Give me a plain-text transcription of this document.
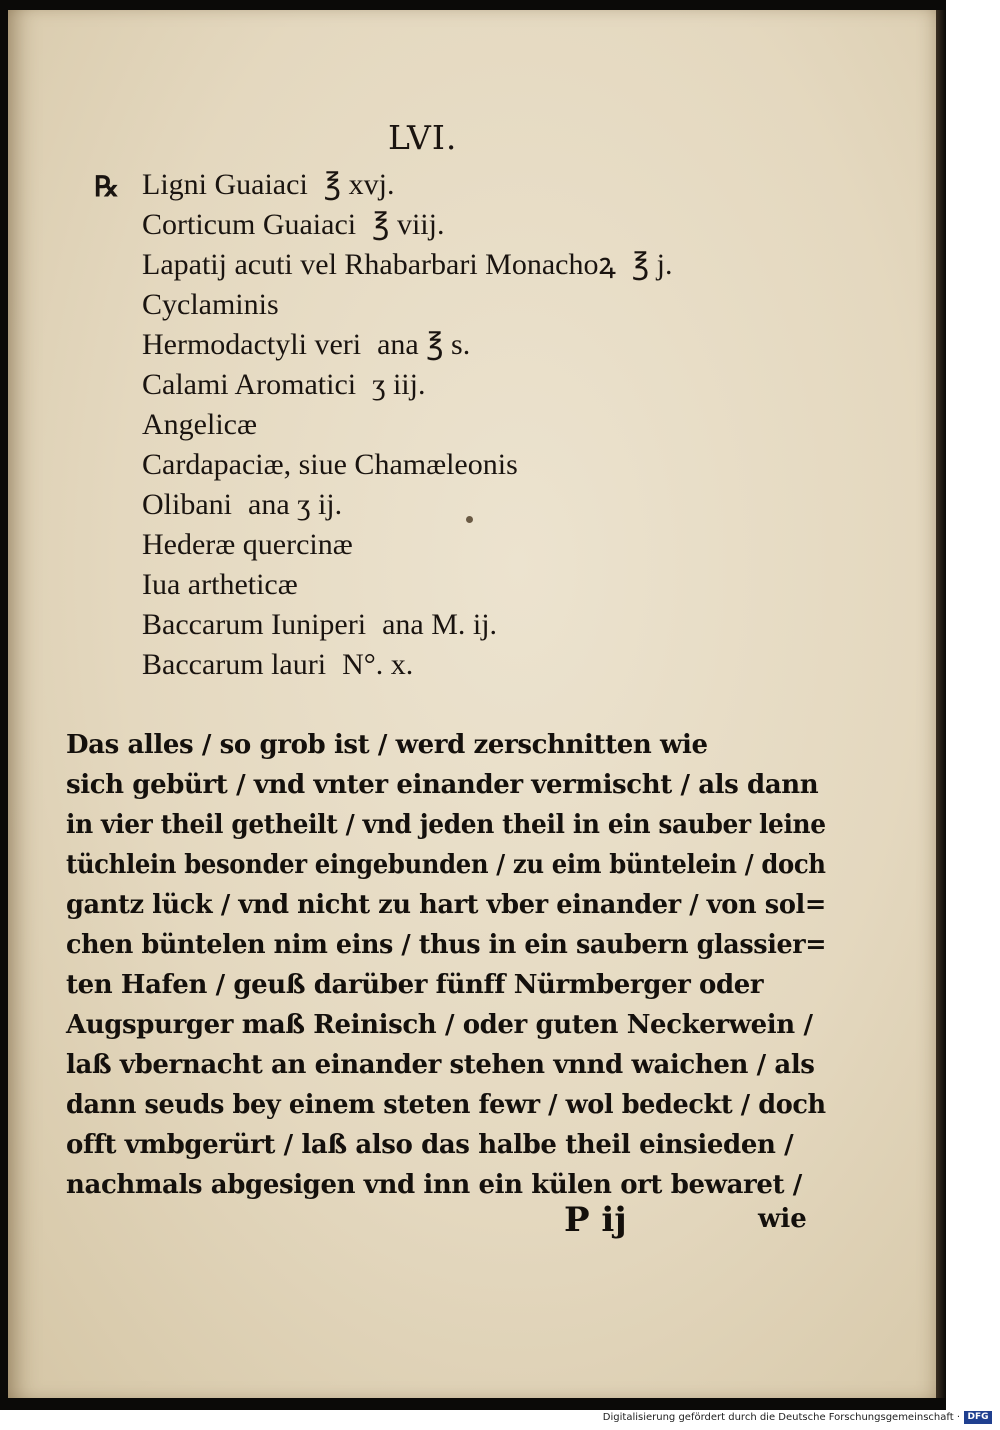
LVI.
℞ Ligni Guaiaci ℥ xvj.
Corticum Guaiaci ℥ viij.
Lapatij acuti vel Rhabarbari Monachoꝝ ℥ j.
Cyclaminis
Hermodactyli veri ana ℥ s.
Calami Aromatici ʒ iij.
Angelicæ
Cardapaciæ, siue Chamæleonis
Olibani ana ʒ ij.
Hederæ quercinæ
Iua artheticæ
Baccarum Iuniperi ana M. ij.
Baccarum lauri N°. x.
Das alles / so grob ist / werd zerschnitten wie
sich gebürt / vnd vnter einander vermischt / als dann
in vier theil getheilt / vnd jeden theil in ein sauber leine
tüchlein besonder eingebunden / zu eim büntelein / doch
gantz lück / vnd nicht zu hart vber einander / von sol=
chen büntelen nim eins / thus in ein saubern glassier=
ten Hafen / geuß darüber fünff Nürmberger oder
Augspurger maß Reinisch / oder guten Neckerwein /
laß vbernacht an einander stehen vnnd waichen / als
dann seuds bey einem steten fewr / wol bedeckt / doch
offt vmbgerürt / laß also das halbe theil einsieden /
nachmals abgesigen vnd inn ein külen ort bewaret /
P ij	wie
Digitalisierung gefördert durch die Deutsche Forschungsgemeinschaft · DFG
